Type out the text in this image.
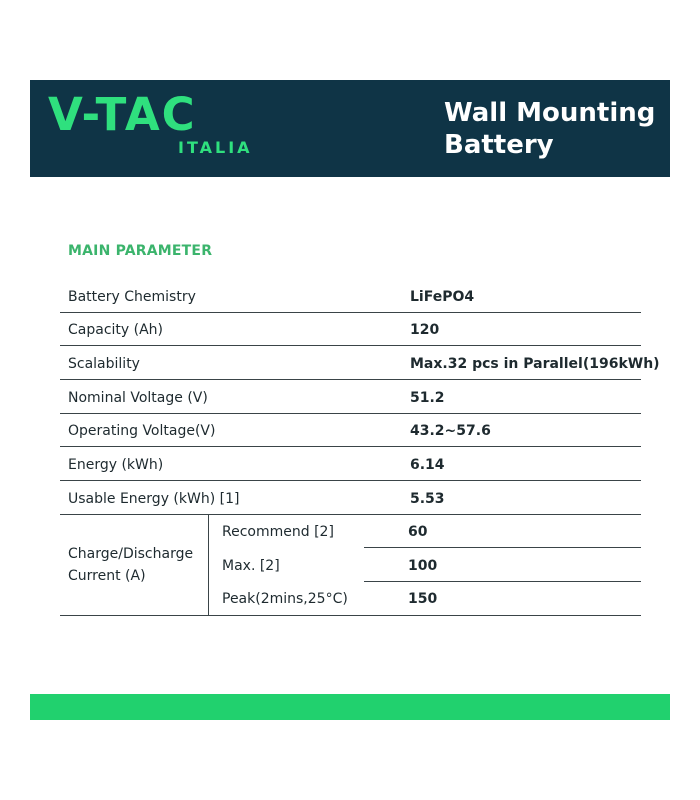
V-TAC
ITALIA
Wall Mounting
Battery
MAIN PARAMETER
Battery Chemistry	LiFePO4
Capacity (Ah)	120
Scalability	Max.32 pcs in Parallel(196kWh)
Nominal Voltage (V)	51.2
Operating Voltage(V)	43.2~57.6
Energy (kWh)	6.14
Usable Energy (kWh) [1]	5.53
Charge/Discharge
Current (A)
Recommend [2]	60
Max. [2]	100
Peak(2mins,25°C)	150
